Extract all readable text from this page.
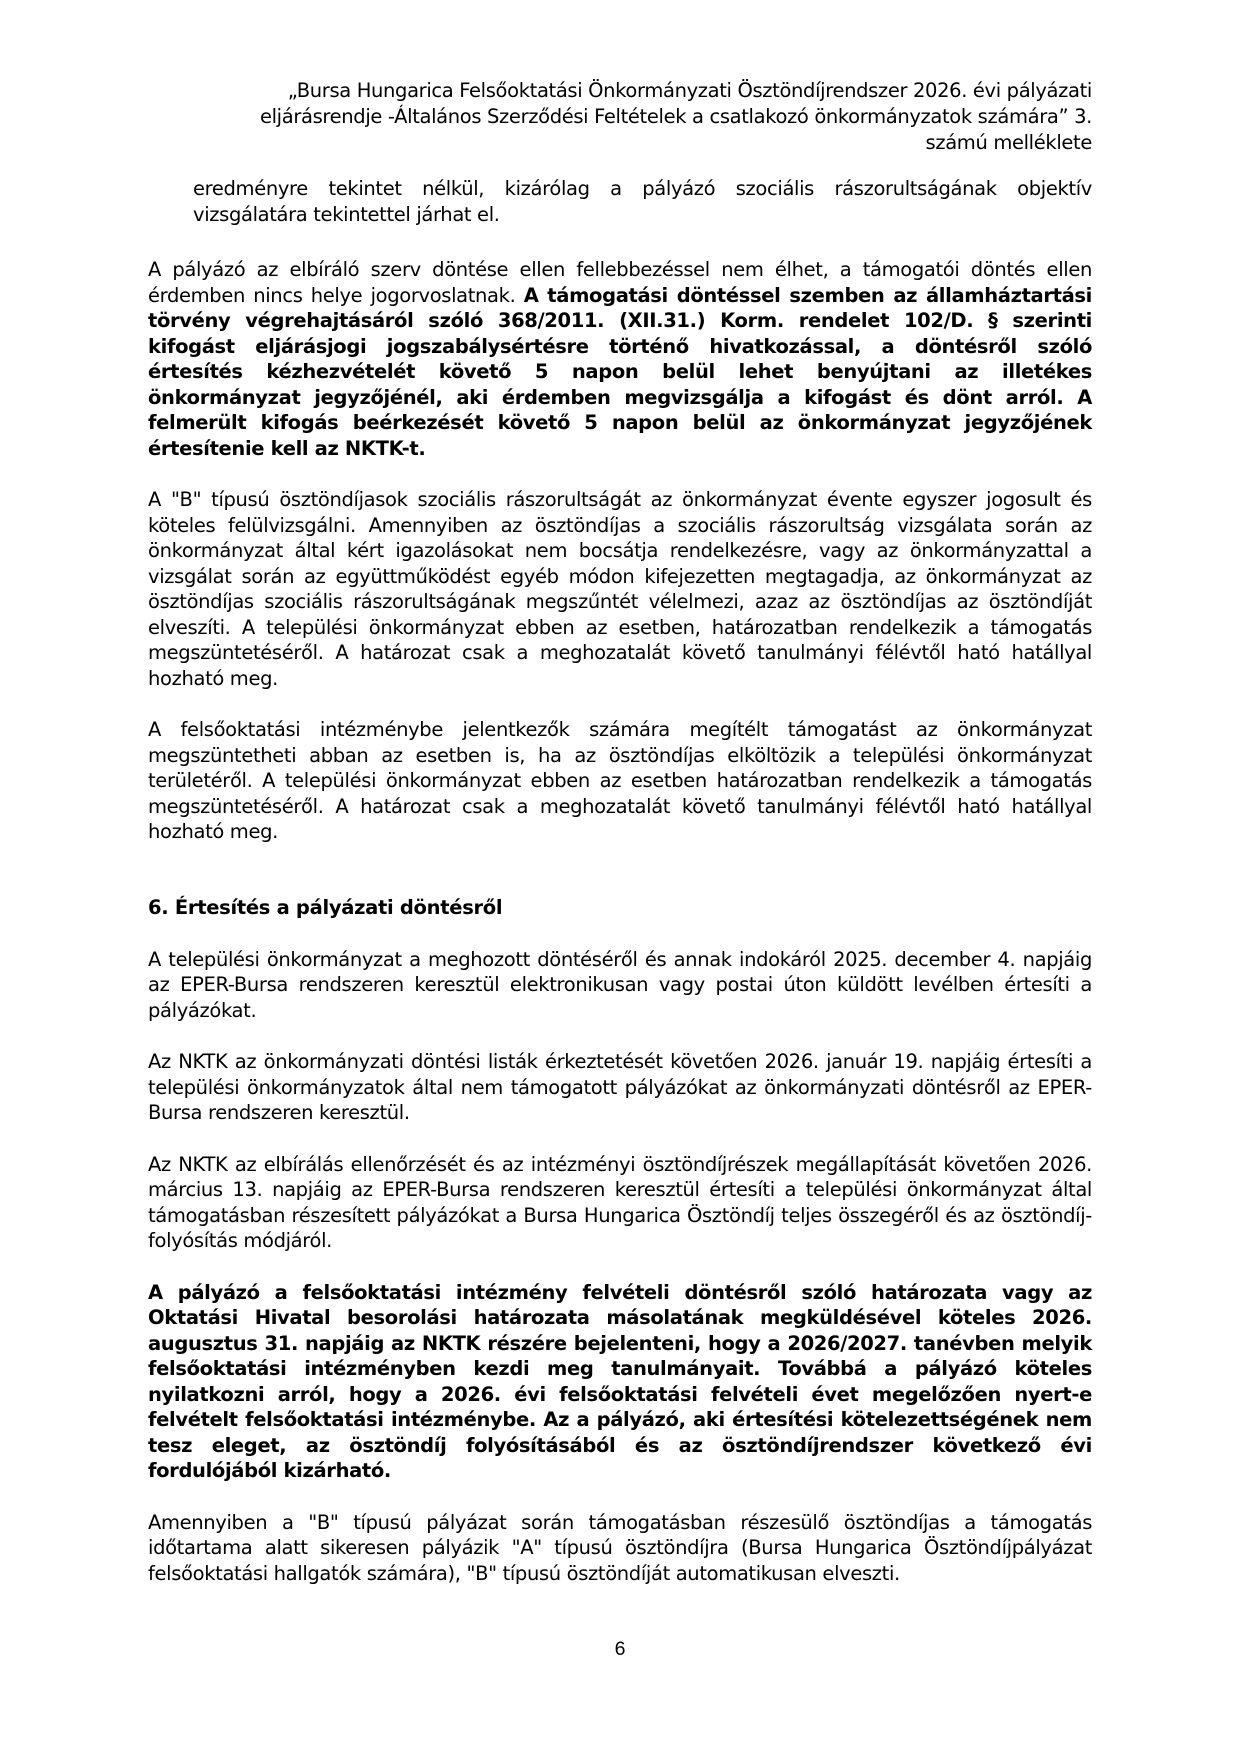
„Bursa Hungarica Felsőoktatási Önkormányzati Ösztöndíjrendszer 2026. évi pályázati
eljárásrendje -Általános Szerződési Feltételek a csatlakozó önkormányzatok számára” 3.
számú melléklete

eredményre tekintet nélkül, kizárólag a pályázó szociális rászorultságának objektív vizsgálatára tekintettel járhat el.

A pályázó az elbíráló szerv döntése ellen fellebbezéssel nem élhet, a támogatói döntés ellen érdemben nincs helye jogorvoslatnak. A támogatási döntéssel szemben az államháztartási törvény végrehajtásáról szóló 368/2011. (XII.31.) Korm. rendelet 102/D. § szerinti kifogást eljárásjogi jogszabálysértésre történő hivatkozással, a döntésről szóló értesítés kézhezvételét követő 5 napon belül lehet benyújtani az illetékes önkormányzat jegyzőjénél, aki érdemben megvizsgálja a kifogást és dönt arról. A felmerült kifogás beérkezését követő 5 napon belül az önkormányzat jegyzőjének értesítenie kell az NKTK-t.

A "B" típusú ösztöndíjasok szociális rászorultságát az önkormányzat évente egyszer jogosult és köteles felülvizsgálni. Amennyiben az ösztöndíjas a szociális rászorultság vizsgálata során az önkormányzat által kért igazolásokat nem bocsátja rendelkezésre, vagy az önkormányzattal a vizsgálat során az együttműködést egyéb módon kifejezetten megtagadja, az önkormányzat az ösztöndíjas szociális rászorultságának megszűntét vélelmezi, azaz az ösztöndíjas az ösztöndíját elveszíti. A települési önkormányzat ebben az esetben, határozatban rendelkezik a támogatás megszüntetéséről. A határozat csak a meghozatalát követő tanulmányi félévtől ható hatállyal hozható meg.

A felsőoktatási intézménybe jelentkezők számára megítélt támogatást az önkormányzat megszüntetheti abban az esetben is, ha az ösztöndíjas elköltözik a települési önkormányzat területéről. A települési önkormányzat ebben az esetben határozatban rendelkezik a támogatás megszüntetéséről. A határozat csak a meghozatalát követő tanulmányi félévtől ható hatállyal hozható meg.

6. Értesítés a pályázati döntésről

A települési önkormányzat a meghozott döntéséről és annak indokáról 2025. december 4. napjáig az EPER-Bursa rendszeren keresztül elektronikusan vagy postai úton küldött levélben értesíti a pályázókat.

Az NKTK az önkormányzati döntési listák érkeztetését követően 2026. január 19. napjáig értesíti a települési önkormányzatok által nem támogatott pályázókat az önkormányzati döntésről az EPER-Bursa rendszeren keresztül.

Az NKTK az elbírálás ellenőrzését és az intézményi ösztöndíjrészek megállapítását követően 2026. március 13. napjáig az EPER-Bursa rendszeren keresztül értesíti a települési önkormányzat által támogatásban részesített pályázókat a Bursa Hungarica Ösztöndíj teljes összegéről és az ösztöndíj-folyósítás módjáról.

A pályázó a felsőoktatási intézmény felvételi döntésről szóló határozata vagy az Oktatási Hivatal besorolási határozata másolatának megküldésével köteles 2026. augusztus 31. napjáig az NKTK részére bejelenteni, hogy a 2026/2027. tanévben melyik felsőoktatási intézményben kezdi meg tanulmányait. Továbbá a pályázó köteles nyilatkozni arról, hogy a 2026. évi felsőoktatási felvételi évet megelőzően nyert-e felvételt felsőoktatási intézménybe. Az a pályázó, aki értesítési kötelezettségének nem tesz eleget, az ösztöndíj folyósításából és az ösztöndíjrendszer következő évi fordulójából kizárható.

Amennyiben a "B" típusú pályázat során támogatásban részesülő ösztöndíjas a támogatás időtartama alatt sikeresen pályázik "A" típusú ösztöndíjra (Bursa Hungarica Ösztöndíjpályázat felsőoktatási hallgatók számára), "B" típusú ösztöndíját automatikusan elveszti.

6
